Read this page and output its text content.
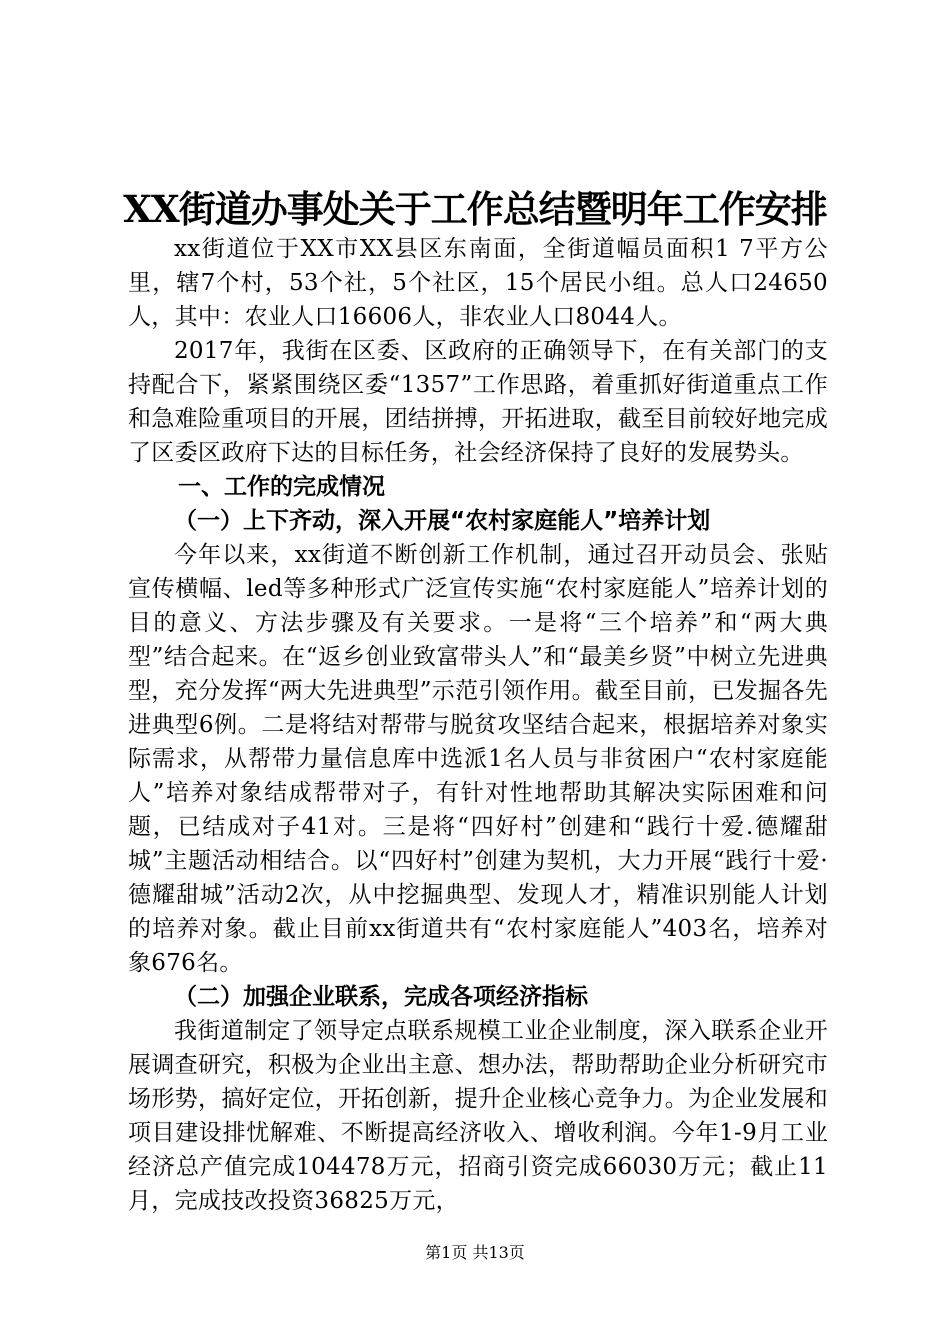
XX街道办事处关于工作总结暨明年工作安排

xx街道位于XX市XX县区东南面，全街道幅员面积1 7平方公里，辖7个村，53个社，5个社区，15个居民小组。总人口24650人，其中：农业人口16606人，非农业人口8044人。

2017年，我街在区委、区政府的正确领导下，在有关部门的支持配合下，紧紧围绕区委“1357”工作思路，着重抓好街道重点工作和急难险重项目的开展，团结拼搏，开拓进取，截至目前较好地完成了区委区政府下达的目标任务，社会经济保持了良好的发展势头。

一、工作的完成情况

（一）上下齐动，深入开展“农村家庭能人”培养计划

今年以来，xx街道不断创新工作机制，通过召开动员会、张贴宣传横幅、led等多种形式广泛宣传实施“农村家庭能人”培养计划的目的意义、方法步骤及有关要求。一是将“三个培养”和“两大典型”结合起来。在“返乡创业致富带头人”和“最美乡贤”中树立先进典型，充分发挥“两大先进典型”示范引领作用。截至目前，已发掘各先进典型6例。二是将结对帮带与脱贫攻坚结合起来，根据培养对象实际需求，从帮带力量信息库中选派1名人员与非贫困户“农村家庭能人”培养对象结成帮带对子，有针对性地帮助其解决实际困难和问题，已结成对子41对。三是将“四好村”创建和“践行十爱.德耀甜城”主题活动相结合。以“四好村”创建为契机，大力开展“践行十爱·德耀甜城”活动2次，从中挖掘典型、发现人才，精准识别能人计划的培养对象。截止目前xx街道共有“农村家庭能人”403名，培养对象676名。

（二）加强企业联系，完成各项经济指标

我街道制定了领导定点联系规模工业企业制度，深入联系企业开展调查研究，积极为企业出主意、想办法，帮助帮助企业分析研究市场形势，搞好定位，开拓创新，提升企业核心竞争力。为企业发展和项目建设排忧解难、不断提高经济收入、增收利润。今年1-9月工业经济总产值完成104478万元，招商引资完成66030万元；截止11月，完成技改投资36825万元，

第1页 共13页
